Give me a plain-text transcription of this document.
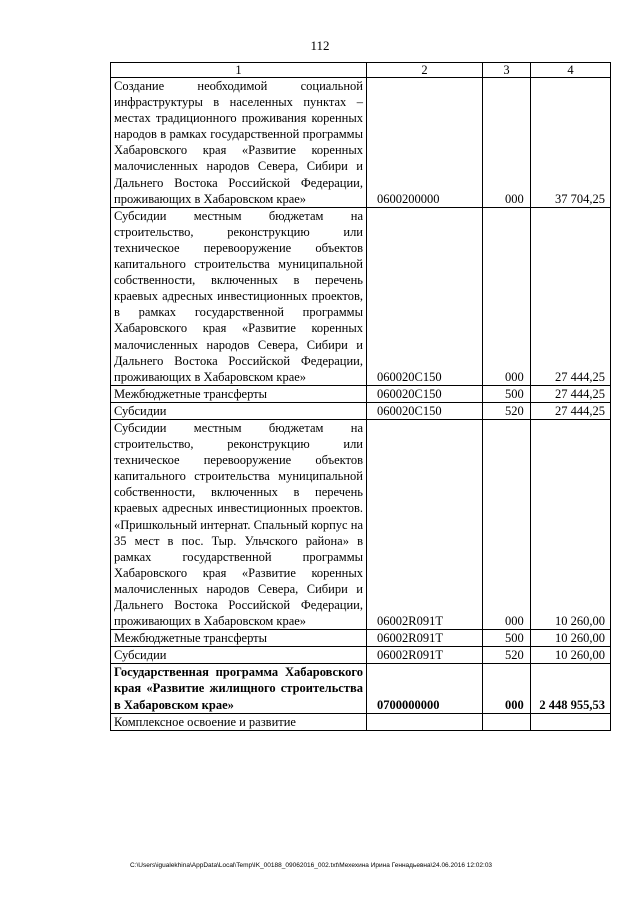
112
1	2	3	4
Создание необходимой социальной инфраструктуры в населенных пунктах – местах традиционного проживания коренных народов в рамках государственной программы Хабаровского края «Развитие коренных малочисленных народов Севера, Сибири и Дальнего Востока Российской Федерации, проживающих в Хабаровском крае»	0600200000	000	37 704,25
Субсидии местным бюджетам на строительство, реконструкцию или техническое перевооружение объектов капитального строительства муниципальной собственности, включенных в перечень краевых адресных инвестиционных проектов, в рамках государственной программы Хабаровского края «Развитие коренных малочисленных народов Севера, Сибири и Дальнего Востока Российской Федерации, проживающих в Хабаровском крае»	060020С150	000	27 444,25
Межбюджетные трансферты	060020С150	500	27 444,25
Субсидии	060020С150	520	27 444,25
Субсидии местным бюджетам на строительство, реконструкцию или техническое перевооружение объектов капитального строительства муниципальной собственности, включенных в перечень краевых адресных инвестиционных проектов. «Пришкольный интернат. Спальный корпус на 35 мест в пос. Тыр. Ульчского района» в рамках государственной программы Хабаровского края «Развитие коренных малочисленных народов Севера, Сибири и Дальнего Востока Российской Федерации, проживающих в Хабаровском крае»	06002R091T	000	10 260,00
Межбюджетные трансферты	06002R091T	500	10 260,00
Субсидии	06002R091T	520	10 260,00
Государственная программа Хабаровского края «Развитие жилищного строительства в Хабаровском крае»	0700000000	000	2 448 955,53
Комплексное освоение и развитие			
C:\Users\igualekhina\AppData\Local\Temp\IK_00188_09062016_002.txt\Мехехина Ирина Геннадьевна\24.06.2016 12:02:03
